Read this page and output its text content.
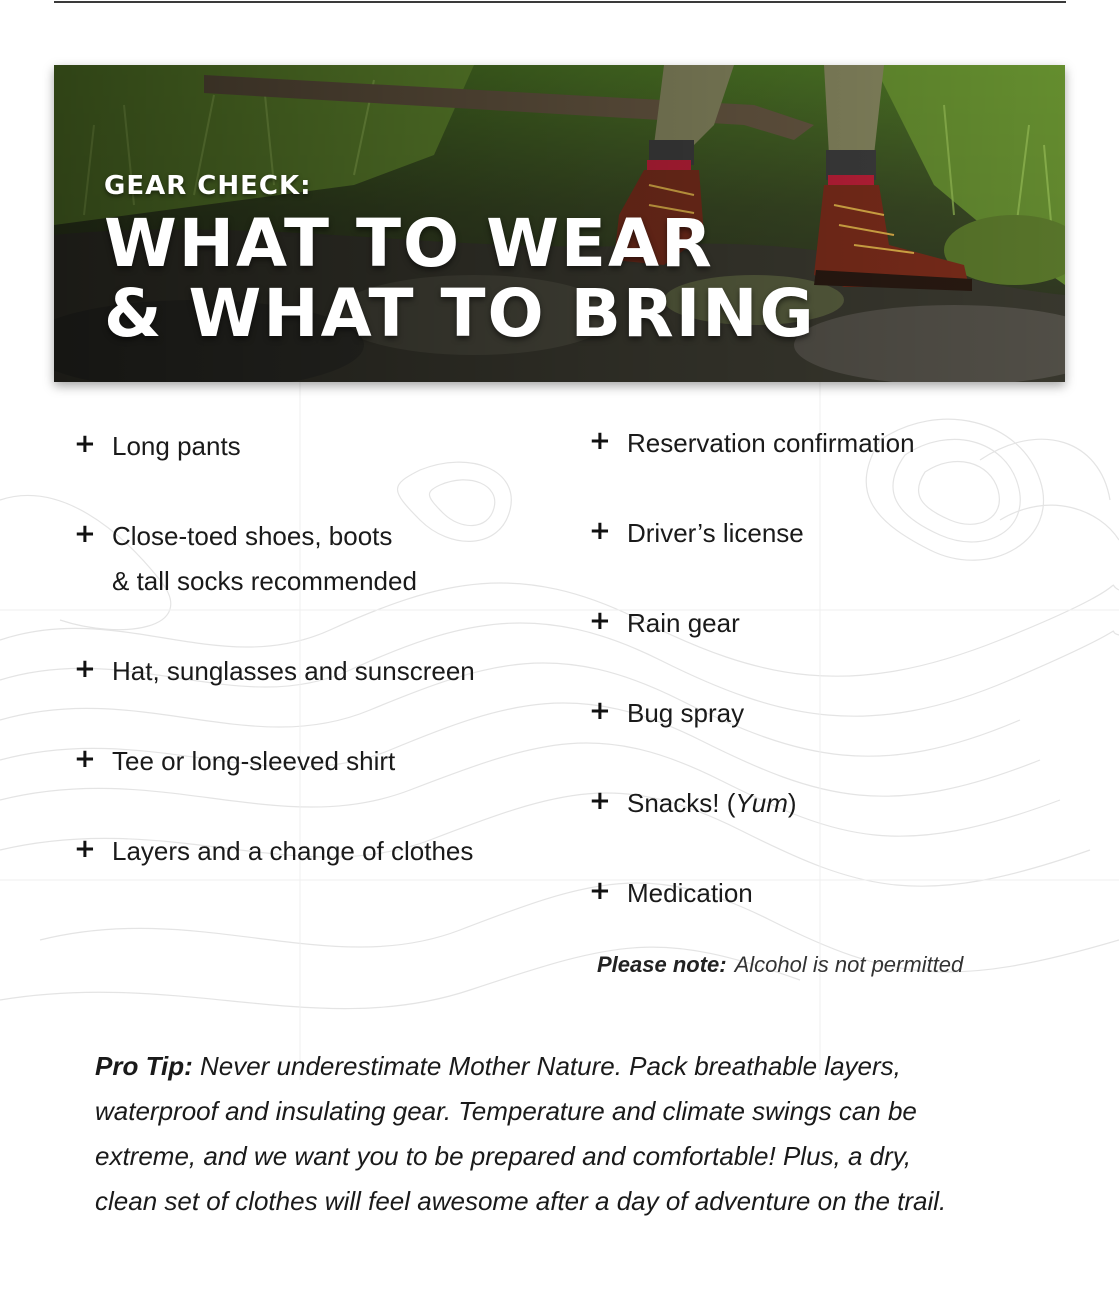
GEAR CHECK:
WHAT TO WEAR
& WHAT TO BRING
+ Long pants
+ Close-toed shoes, boots
& tall socks recommended
+ Hat, sunglasses and sunscreen
+ Tee or long-sleeved shirt
+ Layers and a change of clothes
+ Reservation confirmation
+ Driver’s license
+ Rain gear
+ Bug spray
+ Snacks! (Yum)
+ Medication
Please note: Alcohol is not permitted
Pro Tip: Never underestimate Mother Nature. Pack breathable layers,
waterproof and insulating gear. Temperature and climate swings can be
extreme, and we want you to be prepared and comfortable! Plus, a dry,
clean set of clothes will feel awesome after a day of adventure on the trail.
